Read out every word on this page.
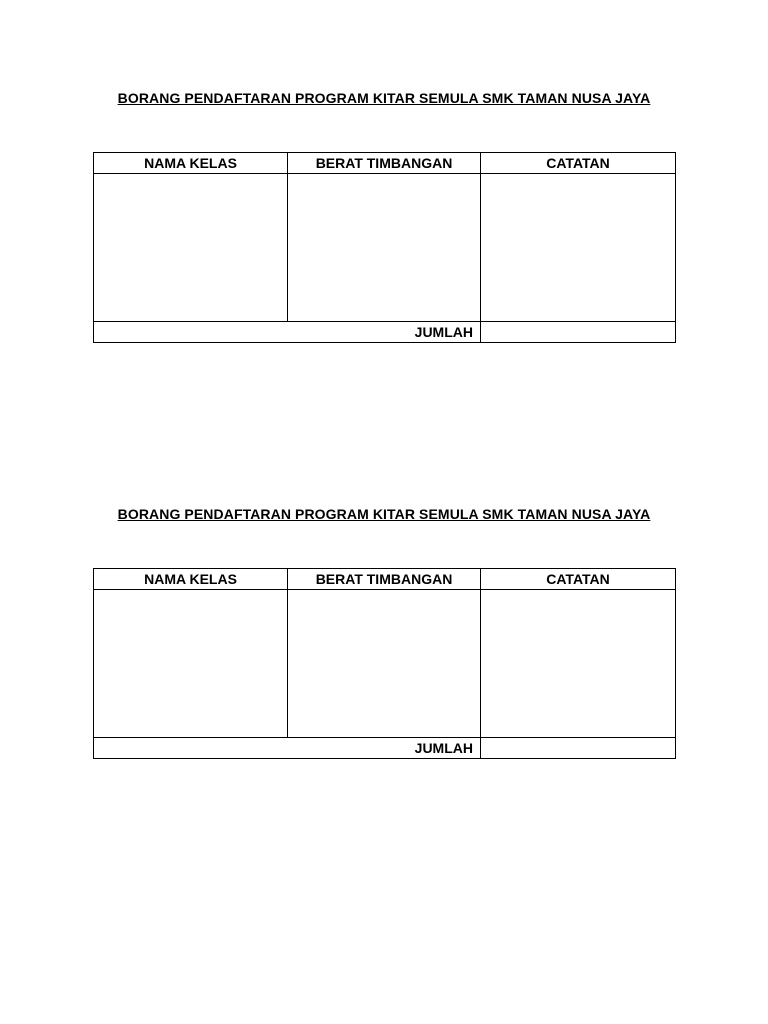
BORANG PENDAFTARAN PROGRAM KITAR SEMULA SMK TAMAN NUSA JAYA
NAMA KELAS	BERAT TIMBANGAN	CATATAN

JUMLAH		
BORANG PENDAFTARAN PROGRAM KITAR SEMULA SMK TAMAN NUSA JAYA
NAMA KELAS	BERAT TIMBANGAN	CATATAN

JUMLAH		
